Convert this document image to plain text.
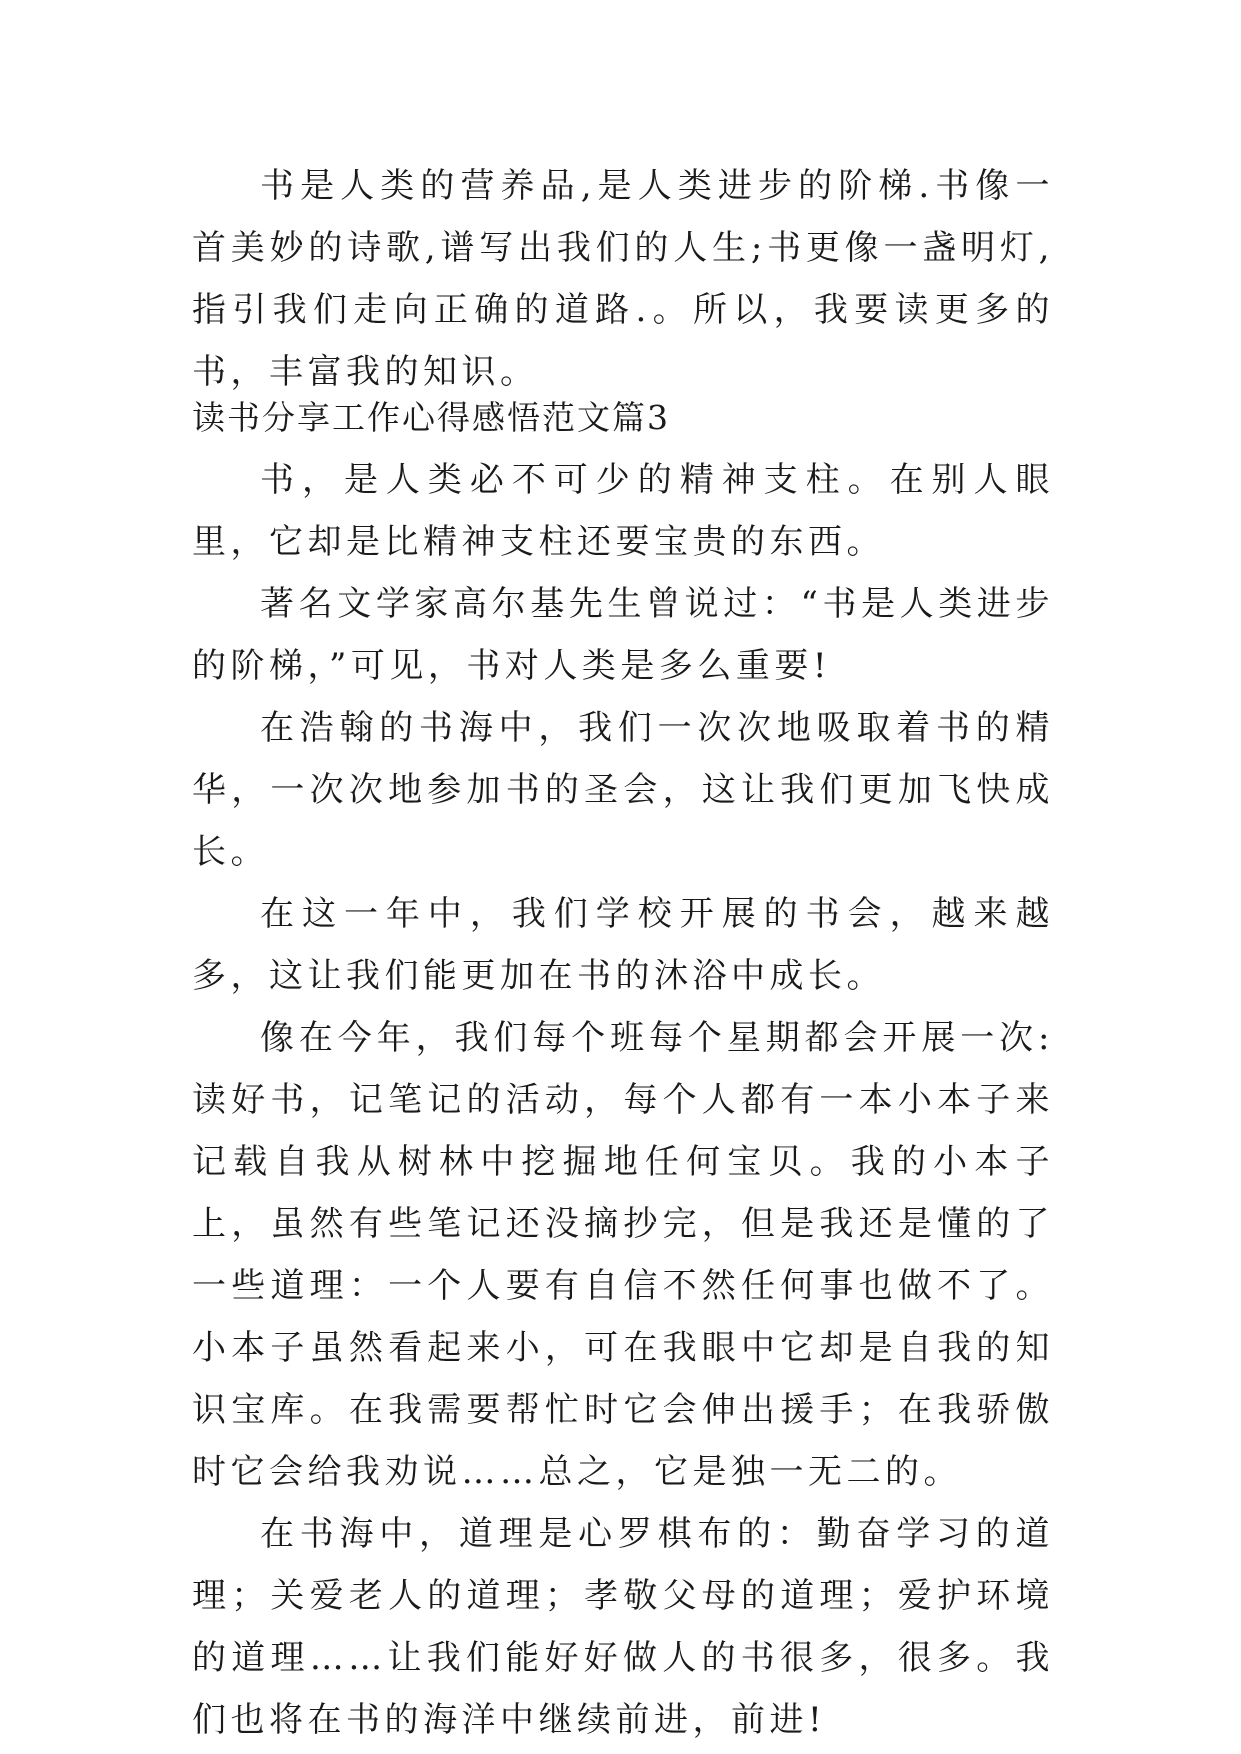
书是人类的营养品,是人类进步的阶梯.书像一首美妙的诗歌,谱写出我们的人生;书更像一盏明灯,指引我们走向正确的道路.。所以，我要读更多的书，丰富我的知识。

读书分享工作心得感悟范文篇3

书，是人类必不可少的精神支柱。在别人眼里，它却是比精神支柱还要宝贵的东西。

著名文学家高尔基先生曾说过：“书是人类进步的阶梯，”可见，书对人类是多么重要!

在浩翰的书海中，我们一次次地吸取着书的精华，一次次地参加书的圣会，这让我们更加飞快成长。

在这一年中，我们学校开展的书会，越来越多，这让我们能更加在书的沐浴中成长。

像在今年，我们每个班每个星期都会开展一次:读好书，记笔记的活动，每个人都有一本小本子来记载自我从树林中挖掘地任何宝贝。我的小本子上，虽然有些笔记还没摘抄完，但是我还是懂的了一些道理：一个人要有自信不然任何事也做不了。小本子虽然看起来小，可在我眼中它却是自我的知识宝库。在我需要帮忙时它会伸出援手；在我骄傲时它会给我劝说……总之，它是独一无二的。

在书海中，道理是心罗棋布的：勤奋学习的道理；关爱老人的道理；孝敬父母的道理；爱护环境的道理……让我们能好好做人的书很多，很多。我们也将在书的海洋中继续前进，前进!
